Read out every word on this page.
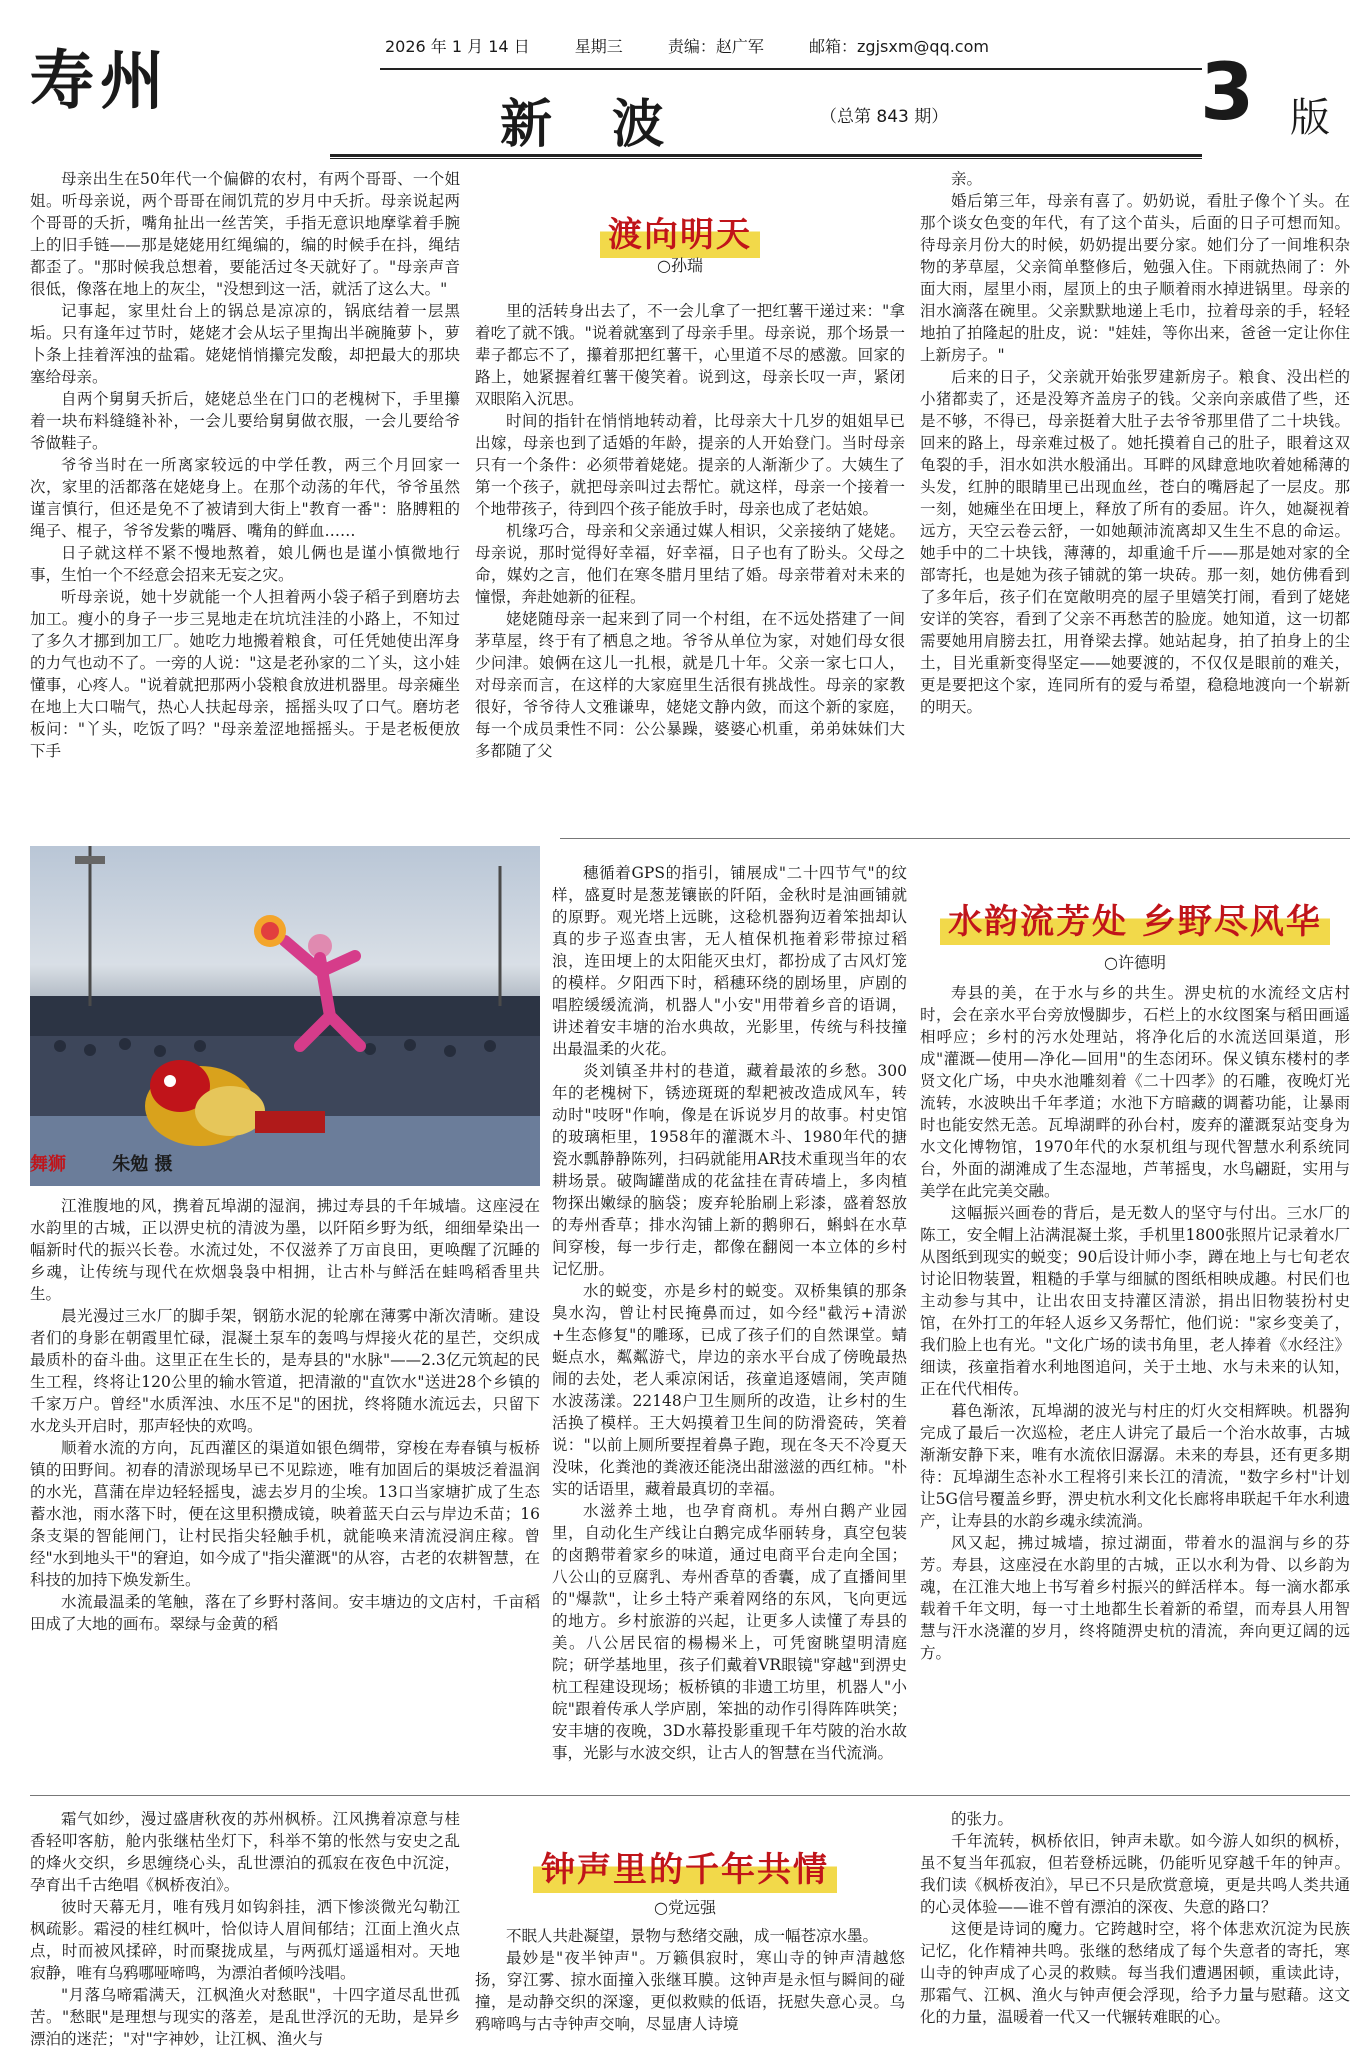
寿州	2026 年 1 月 14 日	星期三	责编：赵广军	邮箱：zgjsxm@qq.com
新波	（总第 843 期）	3 版
渡向明天
○孙瑞

母亲出生在50年代一个偏僻的农村，有两个哥哥、一个姐姐。听母亲说，两个哥哥在闹饥荒的岁月中夭折。母亲说起两个哥哥的夭折，嘴角扯出一丝苦笑，手指无意识地摩挲着手腕上的旧手链——那是姥姥用红绳编的，编的时候手在抖，绳结都歪了。"那时候我总想着，要能活过冬天就好了。"母亲声音很低，像落在地上的灰尘，"没想到这一活，就活了这么大。"

记事起，家里灶台上的锅总是凉凉的，锅底结着一层黑垢。只有逢年过节时，姥姥才会从坛子里掏出半碗腌萝卜，萝卜条上挂着浑浊的盐霜。姥姥悄悄攥完发酸，却把最大的那块塞给母亲。

自两个舅舅夭折后，姥姥总坐在门口的老槐树下，手里攥着一块布料缝缝补补，一会儿要给舅舅做衣服，一会儿要给爷爷做鞋子。

爷爷当时在一所离家较远的中学任教，两三个月回家一次，家里的活都落在姥姥身上。在那个动荡的年代，爷爷虽然谨言慎行，但还是免不了被请到大街上"教育一番"：胳膊粗的绳子、棍子，爷爷发紫的嘴唇、嘴角的鲜血……

日子就这样不紧不慢地熬着，娘儿俩也是谨小慎微地行事，生怕一个不经意会招来无妄之灾。

听母亲说，她十岁就能一个人担着两小袋子稻子到磨坊去加工。瘦小的身子一步三晃地走在坑坑洼洼的小路上，不知过了多久才挪到加工厂。她吃力地搬着粮食，可任凭她使出浑身的力气也动不了。一旁的人说："这是老孙家的二丫头，这小娃懂事，心疼人。"说着就把那两小袋粮食放进机器里。母亲瘫坐在地上大口喘气，热心人扶起母亲，摇摇头叹了口气。磨坊老板问："丫头，吃饭了吗？"母亲羞涩地摇摇头。于是老板便放下手

里的活转身出去了，不一会儿拿了一把红薯干递过来："拿着吃了就不饿。"说着就塞到了母亲手里。母亲说，那个场景一辈子都忘不了，攥着那把红薯干，心里道不尽的感激。回家的路上，她紧握着红薯干傻笑着。说到这，母亲长叹一声，紧闭双眼陷入沉思。

时间的指针在悄悄地转动着，比母亲大十几岁的姐姐早已出嫁，母亲也到了适婚的年龄，提亲的人开始登门。当时母亲只有一个条件：必须带着姥姥。提亲的人渐渐少了。大姨生了第一个孩子，就把母亲叫过去帮忙。就这样，母亲一个接着一个地带孩子，待到四个孩子能放手时，母亲也成了老姑娘。

机缘巧合，母亲和父亲通过媒人相识，父亲接纳了姥姥。母亲说，那时觉得好幸福，好幸福，日子也有了盼头。父母之命，媒妁之言，他们在寒冬腊月里结了婚。母亲带着对未来的憧憬，奔赴她新的征程。

姥姥随母亲一起来到了同一个村组，在不远处搭建了一间茅草屋，终于有了栖息之地。爷爷从单位为家，对她们母女很少问津。娘俩在这儿一扎根，就是几十年。父亲一家七口人，对母亲而言，在这样的大家庭里生活很有挑战性。母亲的家教很好，爷爷待人文雅谦卑，姥姥文静内敛，而这个新的家庭，每一个成员秉性不同：公公暴躁，婆婆心机重，弟弟妹妹们大多都随了父

亲。

婚后第三年，母亲有喜了。奶奶说，看肚子像个丫头。在那个谈女色变的年代，有了这个苗头，后面的日子可想而知。待母亲月份大的时候，奶奶提出要分家。她们分了一间堆积杂物的茅草屋，父亲简单整修后，勉强入住。下雨就热闹了：外面大雨，屋里小雨，屋顶上的虫子顺着雨水掉进锅里。母亲的泪水滴落在碗里。父亲默默地递上毛巾，拉着母亲的手，轻轻地拍了拍隆起的肚皮，说："娃娃，等你出来，爸爸一定让你住上新房子。"

后来的日子，父亲就开始张罗建新房子。粮食、没出栏的小猪都卖了，还是没筹齐盖房子的钱。父亲向亲戚借了些，还是不够，不得已，母亲挺着大肚子去爷爷那里借了二十块钱。回来的路上，母亲难过极了。她托摸着自己的肚子，眼着这双龟裂的手，泪水如洪水般涌出。耳畔的风肆意地吹着她稀薄的头发，红肿的眼睛里已出现血丝，苍白的嘴唇起了一层皮。那一刻，她瘫坐在田埂上，释放了所有的委屈。许久，她凝视着远方，天空云卷云舒，一如她颠沛流离却又生生不息的命运。她手中的二十块钱，薄薄的，却重逾千斤——那是她对家的全部寄托，也是她为孩子铺就的第一块砖。那一刻，她仿佛看到了多年后，孩子们在宽敞明亮的屋子里嬉笑打闹，看到了姥姥安详的笑容，看到了父亲不再愁苦的脸庞。她知道，这一切都需要她用肩膀去扛，用脊梁去撑。她站起身，拍了拍身上的尘土，目光重新变得坚定——她要渡的，不仅仅是眼前的难关，更是要把这个家，连同所有的爱与希望，稳稳地渡向一个崭新的明天。

舞狮	朱勉 摄
水韵流芳处 乡野尽风华
○许德明

江淮腹地的风，携着瓦埠湖的湿润，拂过寿县的千年城墙。这座浸在水韵里的古城，正以淠史杭的清波为墨，以阡陌乡野为纸，细细晕染出一幅新时代的振兴长卷。水流过处，不仅滋养了万亩良田，更唤醒了沉睡的乡魂，让传统与现代在炊烟袅袅中相拥，让古朴与鲜活在蛙鸣稻香里共生。

晨光漫过三水厂的脚手架，钢筋水泥的轮廓在薄雾中渐次清晰。建设者们的身影在朝霞里忙碌，混凝土泵车的轰鸣与焊接火花的星芒，交织成最质朴的奋斗曲。这里正在生长的，是寿县的"水脉"——2.3亿元筑起的民生工程，终将让120公里的输水管道，把清澈的"直饮水"送进28个乡镇的千家万户。曾经"水质浑浊、水压不足"的困扰，终将随水流远去，只留下水龙头开启时，那声轻快的欢鸣。

顺着水流的方向，瓦西灌区的渠道如银色绸带，穿梭在寿春镇与板桥镇的田野间。初春的清淤现场早已不见踪迹，唯有加固后的渠坡泛着温润的水光，菖蒲在岸边轻轻摇曳，滤去岁月的尘埃。13口当家塘扩成了生态蓄水池，雨水落下时，便在这里积攒成镜，映着蓝天白云与岸边禾苗；16条支渠的智能闸门，让村民指尖轻触手机，就能唤来清流浸润庄稼。曾经"水到地头干"的窘迫，如今成了"指尖灌溉"的从容，古老的农耕智慧，在科技的加持下焕发新生。

水流最温柔的笔触，落在了乡野村落间。安丰塘边的文店村，千亩稻田成了大地的画布。翠绿与金黄的稻

穗循着GPS的指引，铺展成"二十四节气"的纹样，盛夏时是葱茏镶嵌的阡陌，金秋时是油画铺就的原野。观光塔上远眺，这稔机器狗迈着笨拙却认真的步子巡查虫害，无人植保机拖着彩带掠过稻浪，连田埂上的太阳能灭虫灯，都扮成了古风灯笼的模样。夕阳西下时，稻穗环绕的剧场里，庐剧的唱腔缓缓流淌，机器人"小安"用带着乡音的语调，讲述着安丰塘的治水典故，光影里，传统与科技撞出最温柔的火花。

炎刘镇圣井村的巷道，藏着最浓的乡愁。300年的老槐树下，锈迹斑斑的犁耙被改造成风车，转动时"吱呀"作响，像是在诉说岁月的故事。村史馆的玻璃柜里，1958年的灌溉木斗、1980年代的搪瓷水瓢静静陈列，扫码就能用AR技术重现当年的农耕场景。破陶罐凿成的花盆挂在青砖墙上，多肉植物探出嫩绿的脑袋；废弃轮胎刷上彩漆，盛着怒放的寿州香草；排水沟铺上新的鹅卵石，蝌蚪在水草间穿梭，每一步行走，都像在翻阅一本立体的乡村记忆册。

水的蜕变，亦是乡村的蜕变。双桥集镇的那条臭水沟，曾让村民掩鼻而过，如今经"截污+清淤+生态修复"的雕琢，已成了孩子们的自然课堂。蜻蜓点水，粼粼游弋，岸边的亲水平台成了傍晚最热闹的去处，老人乘凉闲话，孩童追逐嬉闹，笑声随水波荡漾。22148户卫生厕所的改造，让乡村的生活换了模样。王大妈摸着卫生间的防滑瓷砖，笑着说："以前上厕所要捏着鼻子跑，现在冬天不冷夏天没味，化粪池的粪液还能浇出甜滋滋的西红柿。"朴实的话语里，藏着最真切的幸福。

水滋养土地，也孕育商机。寿州白鹅产业园里，自动化生产线让白鹅完成华丽转身，真空包装的卤鹅带着家乡的味道，通过电商平台走向全国；八公山的豆腐乳、寿州香草的香囊，成了直播间里的"爆款"，让乡土特产乘着网络的东风，飞向更远的地方。乡村旅游的兴起，让更多人读懂了寿县的美。八公居民宿的楊楊米上，可凭窗眺望明清庭院；研学基地里，孩子们戴着VR眼镜"穿越"到淠史杭工程建设现场；板桥镇的非遗工坊里，机器人"小皖"跟着传承人学庐剧，笨拙的动作引得阵阵哄笑；安丰塘的夜晚，3D水幕投影重现千年芍陂的治水故事，光影与水波交织，让古人的智慧在当代流淌。

寿县的美，在于水与乡的共生。淠史杭的水流经文店村时，会在亲水平台旁放慢脚步，石栏上的水纹图案与稻田画遥相呼应；乡村的污水处理站，将净化后的水流送回渠道，形成"灌溉—使用—净化—回用"的生态闭环。保义镇东楼村的孝贤文化广场，中央水池雕刻着《二十四孝》的石雕，夜晚灯光流转，水波映出千年孝道；水池下方暗藏的调蓄功能，让暴雨时也能安然无恙。瓦埠湖畔的孙台村，废弃的灌溉泵站变身为水文化博物馆，1970年代的水泵机组与现代智慧水利系统同台，外面的湖滩成了生态湿地，芦苇摇曳，水鸟翩跹，实用与美学在此完美交融。

这幅振兴画卷的背后，是无数人的坚守与付出。三水厂的陈工，安全帽上沾满混凝土浆，手机里1800张照片记录着水厂从图纸到现实的蜕变；90后设计师小李，蹲在地上与七旬老农讨论旧物装置，粗糙的手掌与细腻的图纸相映成趣。村民们也主动参与其中，让出农田支持灌区清淤，捐出旧物装扮村史馆，在外打工的年轻人返乡又务帮忙，他们说："家乡变美了，我们脸上也有光。"文化广场的读书角里，老人捧着《水经注》细读，孩童指着水利地图追问，关于土地、水与未来的认知，正在代代相传。

暮色渐浓，瓦埠湖的波光与村庄的灯火交相辉映。机器狗完成了最后一次巡检，老庄人讲完了最后一个治水故事，古城渐渐安静下来，唯有水流依旧潺潺。未来的寿县，还有更多期待：瓦埠湖生态补水工程将引来长江的清流，"数字乡村"计划让5G信号覆盖乡野，淠史杭水利文化长廊将串联起千年水利遗产，让寿县的水韵乡魂永续流淌。

风又起，拂过城墙，掠过湖面，带着水的温润与乡的芬芳。寿县，这座浸在水韵里的古城，正以水利为骨、以乡韵为魂，在江淮大地上书写着乡村振兴的鲜活样本。每一滴水都承载着千年文明，每一寸土地都生长着新的希望，而寿县人用智慧与汗水浇灌的岁月，终将随淠史杭的清流，奔向更辽阔的远方。

钟声里的千年共情
○党远强

霜气如纱，漫过盛唐秋夜的苏州枫桥。江风携着凉意与桂香轻叩客舫，舱内张继枯坐灯下，科举不第的怅然与安史之乱的烽火交织，乡思缠绕心头，乱世漂泊的孤寂在夜色中沉淀，孕育出千古绝唱《枫桥夜泊》。

彼时天幕无月，唯有残月如钩斜挂，洒下惨淡微光勾勒江枫疏影。霜浸的桂红枫叶，恰似诗人眉间郁结；江面上渔火点点，时而被风揉碎，时而聚拢成星，与两孤灯遥遥相对。天地寂静，唯有乌鸦哪哑啼鸣，为漂泊者倾吟浅唱。

"月落乌啼霜满天，江枫渔火对愁眠"，十四字道尽乱世孤苦。"愁眠"是理想与现实的落差，是乱世浮沉的无助，是异乡漂泊的迷茫；"对"字神妙，让江枫、渔火与

不眠人共赴凝望，景物与愁绪交融，成一幅苍凉水墨。

最妙是"夜半钟声"。万籁俱寂时，寒山寺的钟声清越悠扬，穿江雾、掠水面撞入张继耳膜。这钟声是永恒与瞬间的碰撞，是动静交织的深邃，更似救赎的低语，抚慰失意心灵。乌鸦啼鸣与古寺钟声交响，尽显唐人诗境

的张力。

千年流转，枫桥依旧，钟声未歇。如今游人如织的枫桥，虽不复当年孤寂，但若登桥远眺，仍能听见穿越千年的钟声。我们读《枫桥夜泊》，早已不只是欣赏意境，更是共鸣人类共通的心灵体验——谁不曾有漂泊的深夜、失意的路口？

这便是诗词的魔力。它跨越时空，将个体悲欢沉淀为民族记忆，化作精神共鸣。张继的愁绪成了每个失意者的寄托，寒山寺的钟声成了心灵的救赎。每当我们遭遇困顿，重读此诗，那霜气、江枫、渔火与钟声便会浮现，给予力量与慰藉。这文化的力量，温暖着一代又一代辗转难眠的心。
